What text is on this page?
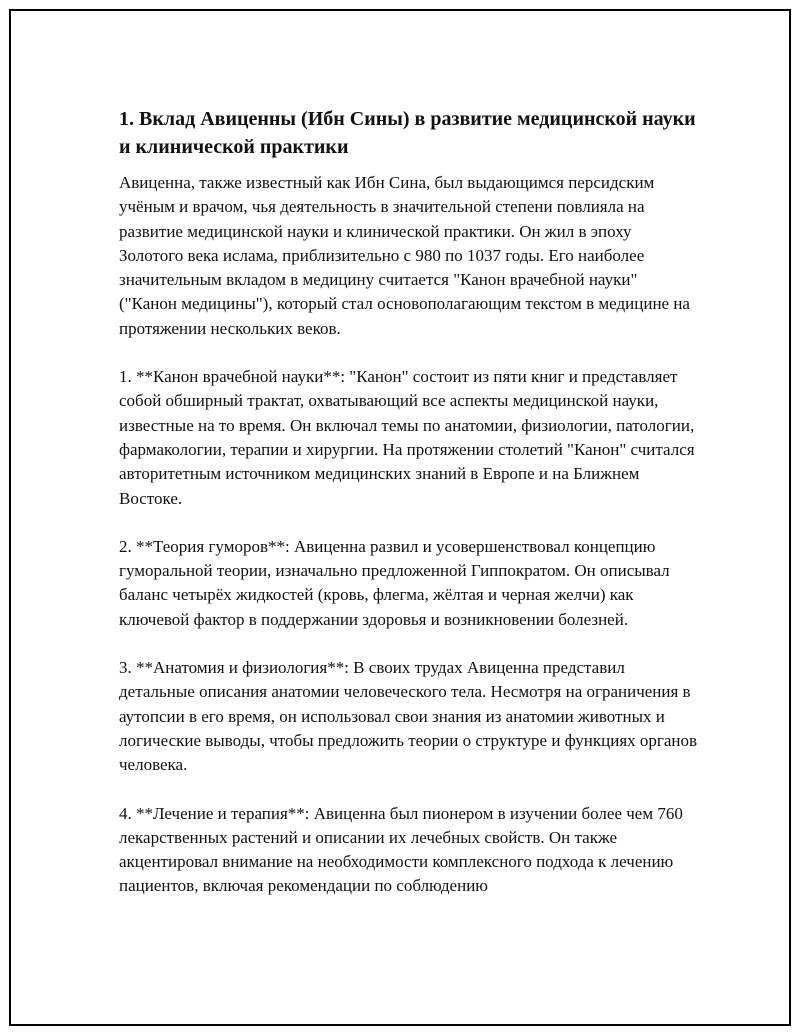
1. Вклад Авиценны (Ибн Сины) в развитие медицинской науки и клинической практики

Авиценна, также известный как Ибн Сина, был выдающимся персидским учёным и врачом, чья деятельность в значительной степени повлияла на развитие медицинской науки и клинической практики. Он жил в эпоху Золотого века ислама, приблизительно с 980 по 1037 годы. Его наиболее значительным вкладом в медицину считается "Канон врачебной науки" ("Канон медицины"), который стал основополагающим текстом в медицине на протяжении нескольких веков.

1. **Канон врачебной науки**: "Канон" состоит из пяти книг и представляет собой обширный трактат, охватывающий все аспекты медицинской науки, известные на то время. Он включал темы по анатомии, физиологии, патологии, фармакологии, терапии и хирургии. На протяжении столетий "Канон" считался авторитетным источником медицинских знаний в Европе и на Ближнем Востоке.

2. **Теория гуморов**: Авиценна развил и усовершенствовал концепцию гуморальной теории, изначально предложенной Гиппократом. Он описывал баланс четырёх жидкостей (кровь, флегма, жёлтая и черная желчи) как ключевой фактор в поддержании здоровья и возникновении болезней.

3. **Анатомия и физиология**: В своих трудах Авиценна представил детальные описания анатомии человеческого тела. Несмотря на ограничения в аутопсии в его время, он использовал свои знания из анатомии животных и логические выводы, чтобы предложить теории о структуре и функциях органов человека.

4. **Лечение и терапия**: Авиценна был пионером в изучении более чем 760 лекарственных растений и описании их лечебных свойств. Он также акцентировал внимание на необходимости комплексного подхода к лечению пациентов, включая рекомендации по соблюдению
